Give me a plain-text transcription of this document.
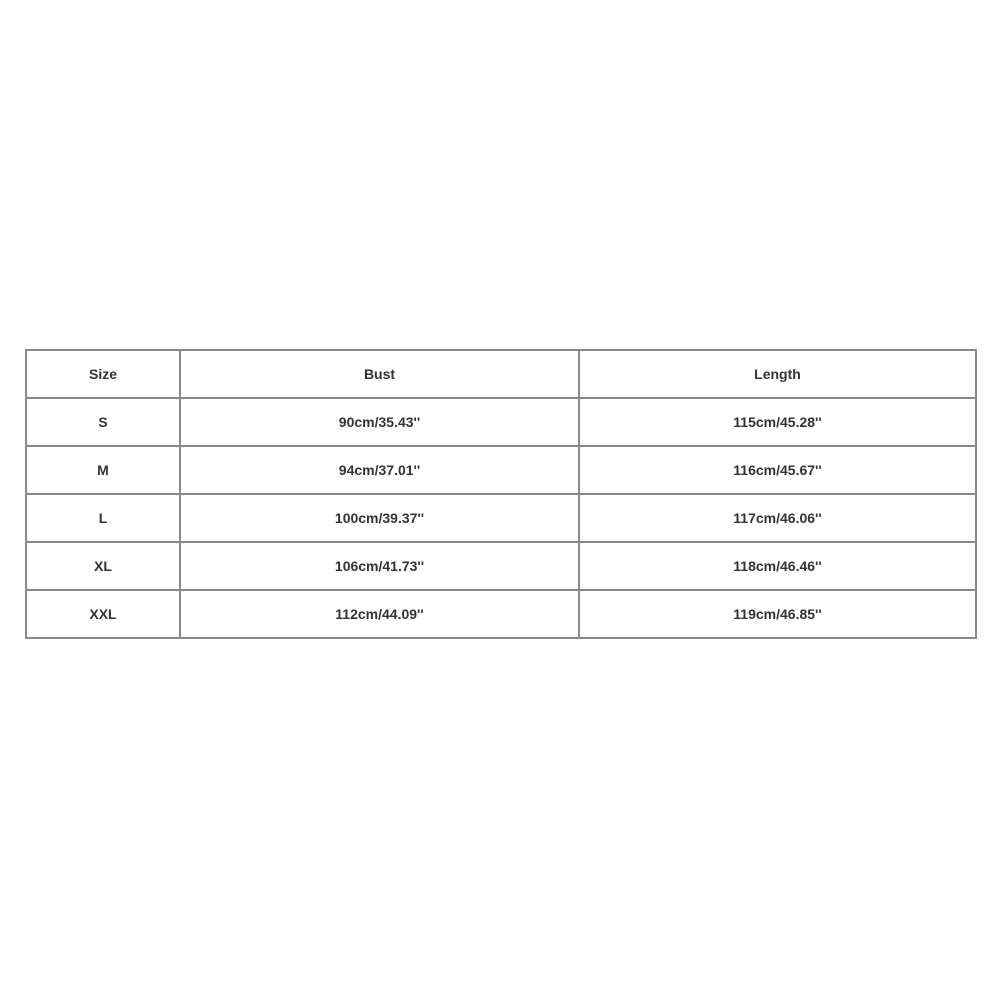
Size	Bust	Length
S	90cm/35.43''	115cm/45.28''
M	94cm/37.01''	116cm/45.67''
L	100cm/39.37''	117cm/46.06''
XL	106cm/41.73''	118cm/46.46''
XXL	112cm/44.09''	119cm/46.85''
